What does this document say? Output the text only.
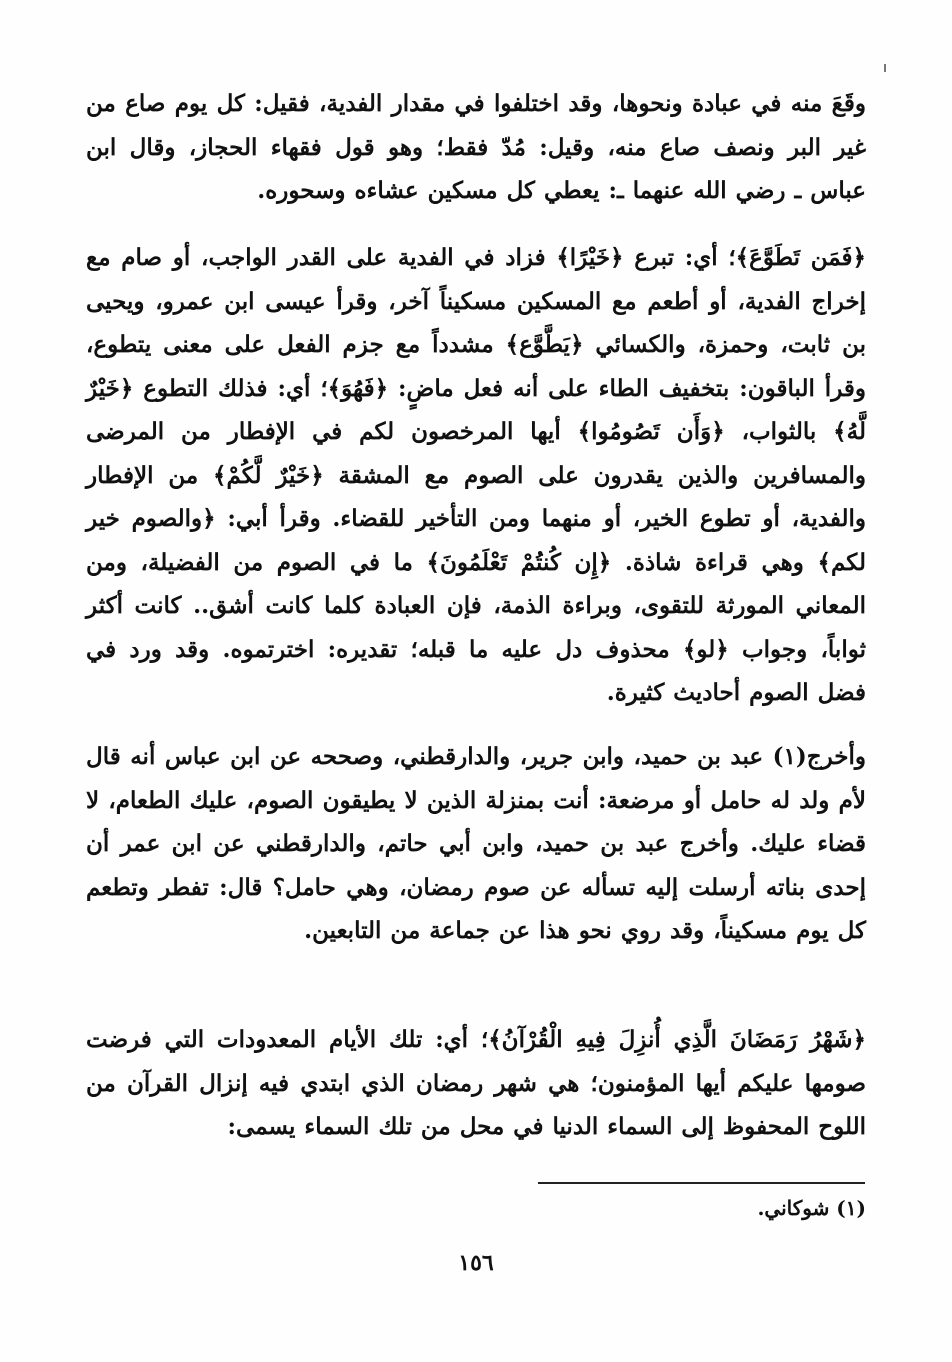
وقَعَ منه في عبادة ونحوها، وقد اختلفوا في مقدار الفدية، فقيل: كل يوم صاع من غير البر ونصف صاع منه، وقيل: مُدّ فقط؛ وهو قول فقهاء الحجاز، وقال ابن عباس ـ رضي الله عنهما ـ: يعطي كل مسكين عشاءه وسحوره.

﴿فَمَن تَطَوَّعَ﴾؛ أي: تبرع ﴿خَيْرًا﴾ فزاد في الفدية على القدر الواجب، أو صام مع إخراج الفدية، أو أطعم مع المسكين مسكيناً آخر، وقرأ عيسى ابن عمرو، ويحيى بن ثابت، وحمزة، والكسائي ﴿يَطَّوَّع﴾ مشدداً مع جزم الفعل على معنى يتطوع، وقرأ الباقون: بتخفيف الطاء على أنه فعل ماضٍ: ﴿فَهُوَ﴾؛ أي: فذلك التطوع ﴿خَيْرٌ لَّهُ﴾ بالثواب، ﴿وَأَن تَصُومُوا﴾ أيها المرخصون لكم في الإفطار من المرضى والمسافرين والذين يقدرون على الصوم مع المشقة ﴿خَيْرٌ لَّكُمْ﴾ من الإفطار والفدية، أو تطوع الخير، أو منهما ومن التأخير للقضاء. وقرأ أبي: ﴿والصوم خير لكم﴾ وهي قراءة شاذة. ﴿إِن كُنتُمْ تَعْلَمُونَ﴾ ما في الصوم من الفضيلة، ومن المعاني المورثة للتقوى، وبراءة الذمة، فإن العبادة كلما كانت أشق.. كانت أكثر ثواباً، وجواب ﴿لو﴾ محذوف دل عليه ما قبله؛ تقديره: اخترتموه. وقد ورد في فضل الصوم أحاديث كثيرة.

وأخرج(١) عبد بن حميد، وابن جرير، والدارقطني، وصححه عن ابن عباس أنه قال لأم ولد له حامل أو مرضعة: أنت بمنزلة الذين لا يطيقون الصوم، عليك الطعام، لا قضاء عليك. وأخرج عبد بن حميد، وابن أبي حاتم، والدارقطني عن ابن عمر أن إحدى بناته أرسلت إليه تسأله عن صوم رمضان، وهي حامل؟ قال: تفطر وتطعم كل يوم مسكيناً، وقد روي نحو هذا عن جماعة من التابعين.

﴿شَهْرُ رَمَضَانَ الَّذِي أُنزِلَ فِيهِ الْقُرْآنُ﴾؛ أي: تلك الأيام المعدودات التي فرضت صومها عليكم أيها المؤمنون؛ هي شهر رمضان الذي ابتدي فيه إنزال القرآن من اللوح المحفوظ إلى السماء الدنيا في محل من تلك السماء يسمى:

(١) شوكاني.

١٥٦
